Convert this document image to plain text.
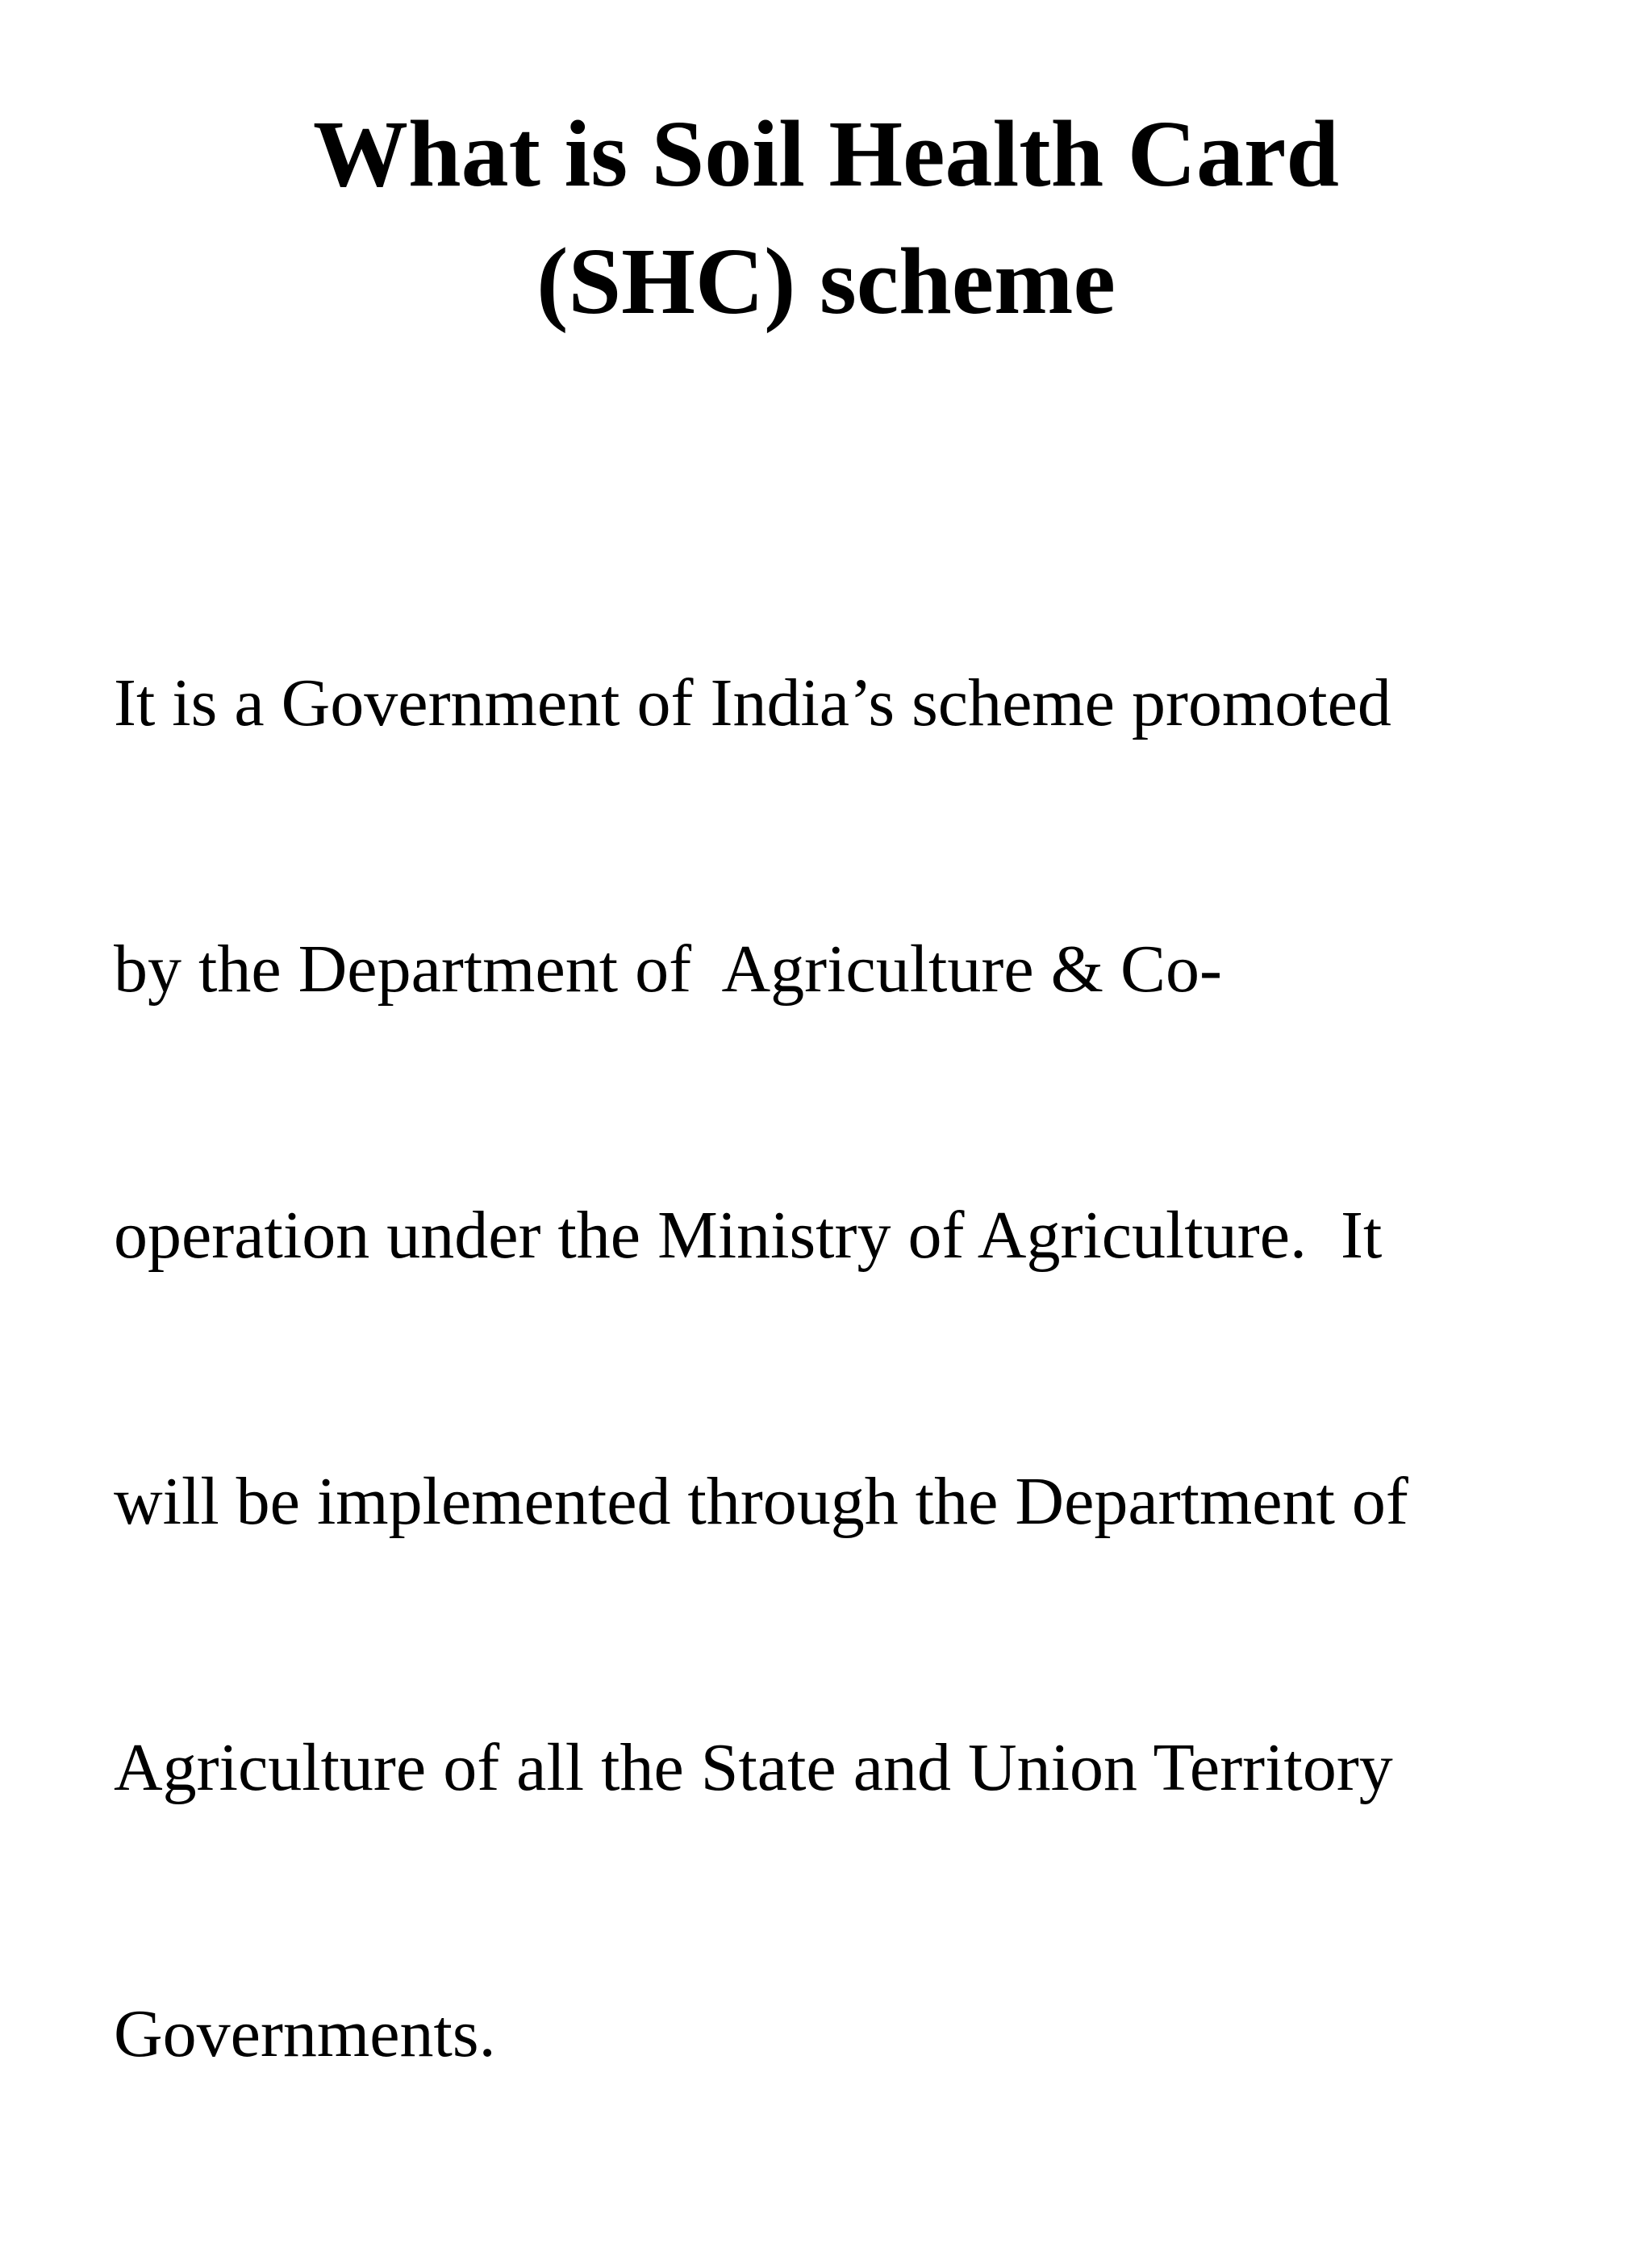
What is Soil Health Card
(SHC) scheme

It is a Government of India’s scheme promoted

by the Department of  Agriculture & Co-

operation under the Ministry of Agriculture.  It

will be implemented through the Department of

Agriculture of all the State and Union Territory

Governments.
